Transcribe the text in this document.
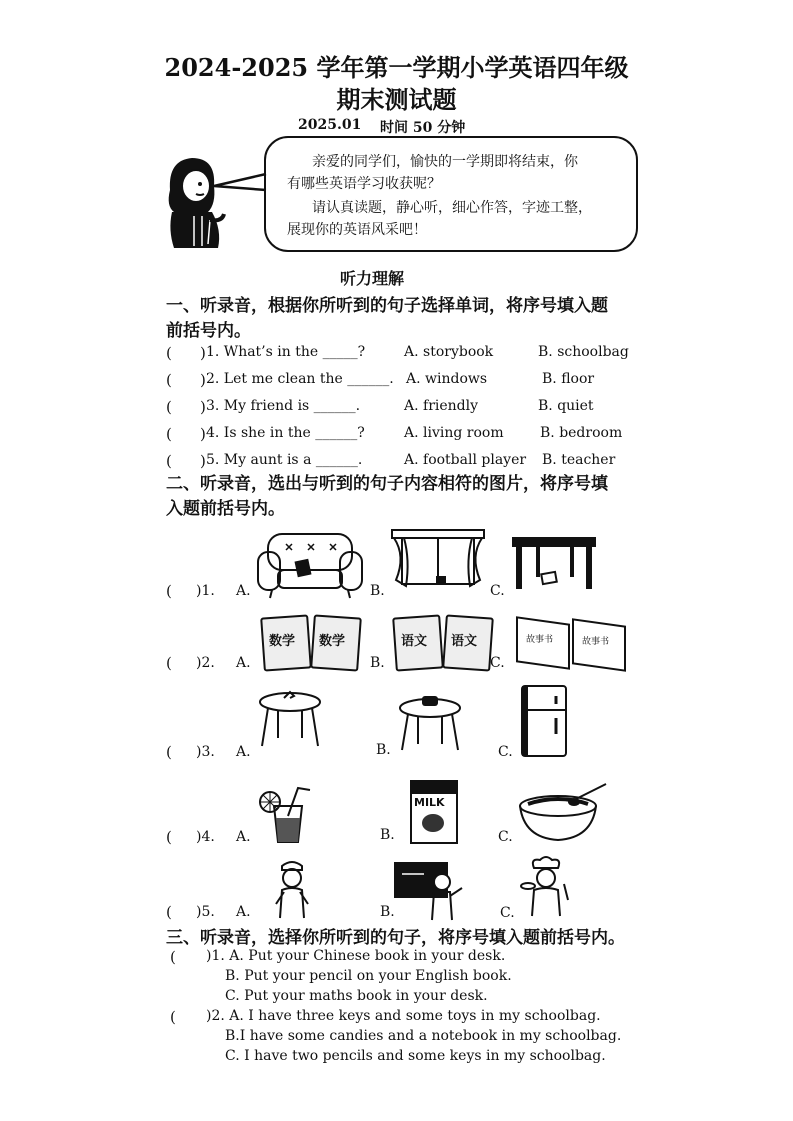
2024-2025 学年第一学期小学英语四年级
期末测试题
2025.01 时间 50 分钟
亲爱的同学们，愉快的一学期即将结束，你
有哪些英语学习收获呢？
请认真读题，静心听，细心作答，字迹工整，
展现你的英语风采吧！
听力理解
一、听录音，根据你所听到的句子选择单词，将序号填入题
前括号内。
( ) 1. What’s in the _____?	A. storybook	B. schoolbag
( ) 2. Let me clean the ______. A. windows	B. floor
( ) 3. My friend is ______.	A. friendly	B. quiet
( ) 4. Is she in the ______?	A. living room	B. bedroom
( ) 5. My aunt is a ______.	A. football player B. teacher
二、听录音，选出与听到的句子内容相符的图片，将序号填
入题前括号内。
( )1. A.	B.	C.
( )2. A.	B.	C.
数学 数学	语文 语文	故事书	故事书
( )3. A.	B.	C.
( )4. A.	B.	C.
MILK
( )5. A.	B.	C.
三、听录音，选择你所听到的句子，将序号填入题前括号内。
( )1. A. Put your Chinese book in your desk.
B. Put your pencil on your English book.
C. Put your maths book in your desk.
( )2. A. I have three keys and some toys in my schoolbag.
B.I have some candies and a notebook in my schoolbag.
C. I have two pencils and some keys in my schoolbag.
